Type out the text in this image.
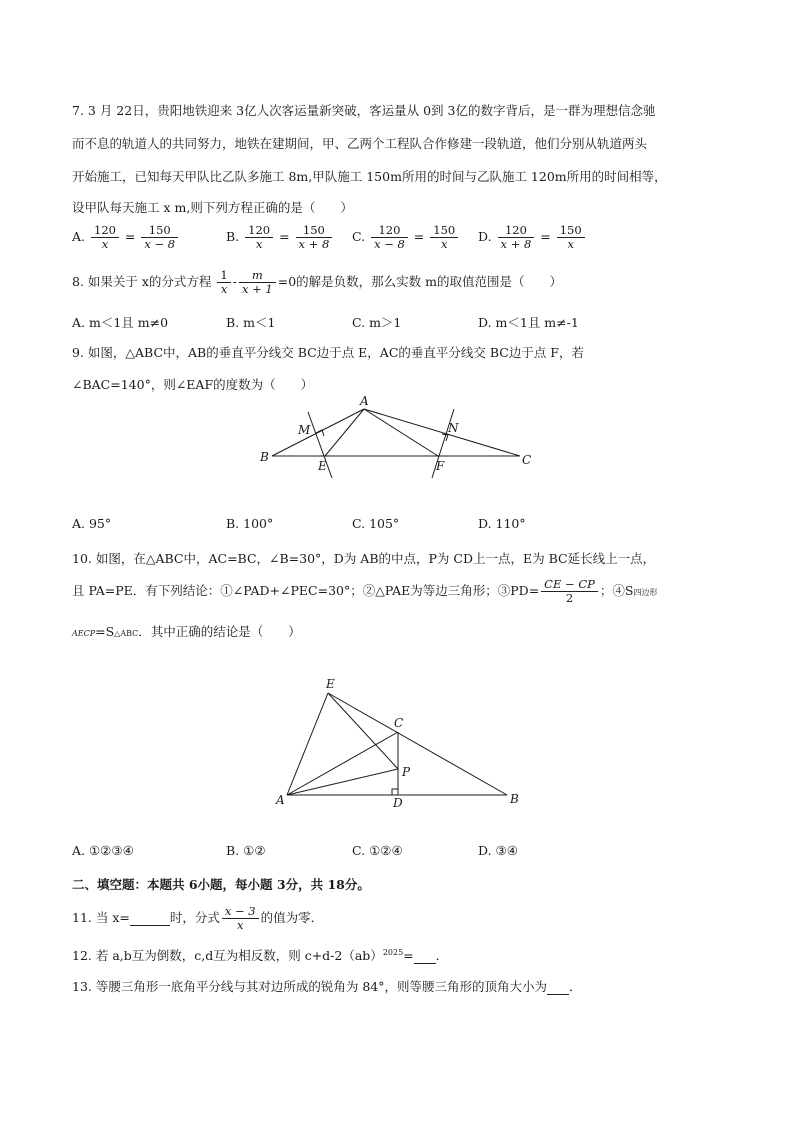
7. 3 月 22日，贵阳地铁迎来 3亿人次客运量新突破，客运量从 0到 3亿的数字背后，是一群为理想信念驰
而不息的轨道人的共同努力，地铁在建期间，甲、乙两个工程队合作修建一段轨道，他们分别从轨道两头
开始施工，已知每天甲队比乙队多施工 8m,甲队施工 150m所用的时间与乙队施工 120m所用的时间相等，
设甲队每天施工 x m,则下列方程正确的是（　　）
A. $\frac{120}{x} = \frac{150}{x - 8}$	B. $\frac{120}{x} = \frac{150}{x + 8} C$. $\frac{120}{x - 8} = \frac{150}{x} D$. $\frac{120}{x + 8} = \frac{150}{x}$
8. 如果关于 x的分式方程 $\frac{1}{x} - \frac{m}{x + 1} =0$的解是负数，那么实数 m的取值范围是（　　）
A. m＜1且 m≠0	B. m＜1	C. m＞1	D. m＜1且 m≠-1
9. 如图，△ABC中，AB的垂直平分线交 BC边于点 E，AC的垂直平分线交 BC边于点 F，若
∠BAC=140°，则∠EAF的度数为（　　）
A
B	C
E	F
M	N
A. 95°	B. 100°	C. 105°	D. 110°
10. 如图，在△ABC中，AC=BC，∠B=30°，D为 AB的中点，P为 CD上一点，E为 BC延长线上一点，
且 PA=PE．有下列结论：①∠PAD+∠PEC=30°；②△PAE为等边三角形；③PD= $\frac{CE - CP}{2}$ ；④S四边形
AECP=S△ABC．其中正确的结论是（　　）
E
C
P
A	D	B
A. ①②③④	B. ①②	C. ①②④	D. ③④
二、填空题：本题共 6小题，每小题 3分，共 18分。
11. 当 x=	时，分式 $\frac{x - 3}{x}$ 的值为零．
12. 若 a,b互为倒数，c,d互为相反数，则 c+d-2（ab）$^{2025}$= ．
13. 等腰三角形一底角平分线与其对边所成的锐角为 84°，则等腰三角形的顶角大小为 ．
